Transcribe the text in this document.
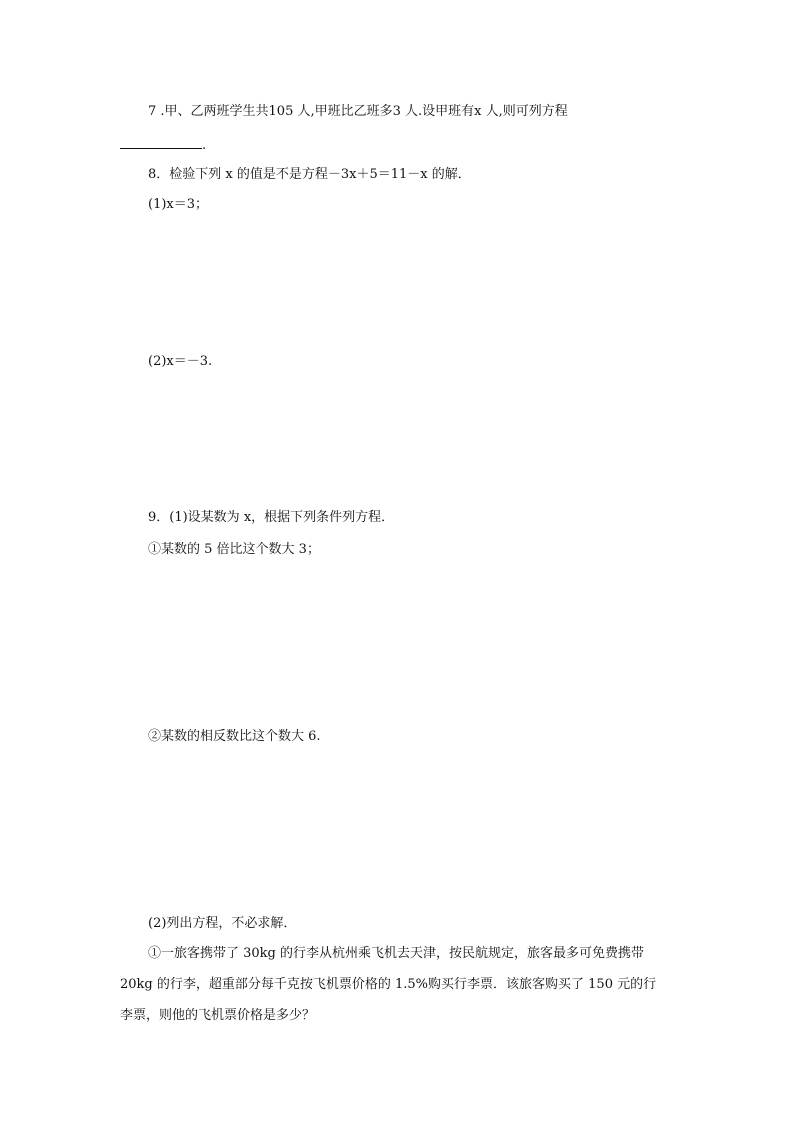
7 .甲、乙两班学生共105 人,甲班比乙班多3 人.设甲班有x 人,则可列方程
.
8．检验下列 x 的值是不是方程－3x＋5＝11－x 的解．
(1)x＝3；
(2)x＝－3.
9．(1)设某数为 x，根据下列条件列方程．
①某数的 5 倍比这个数大 3；
②某数的相反数比这个数大 6.
(2)列出方程，不必求解．
①一旅客携带了 30kg 的行李从杭州乘飞机去天津，按民航规定，旅客最多可免费携带
20kg 的行李，超重部分每千克按飞机票价格的 1.5%购买行李票．该旅客购买了 150 元的行
李票，则他的飞机票价格是多少？
